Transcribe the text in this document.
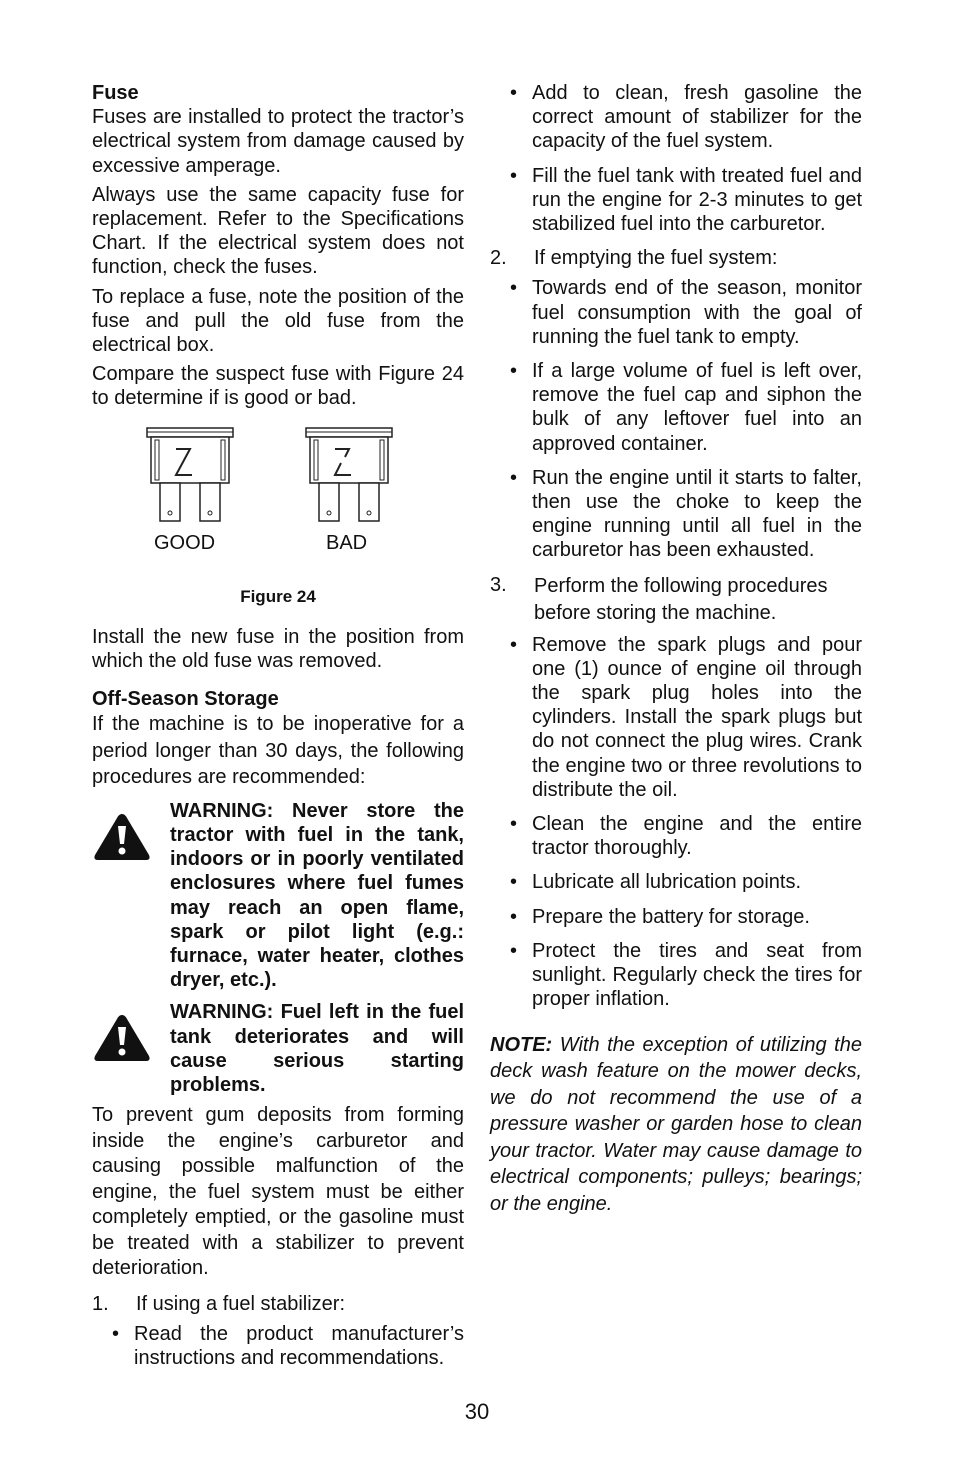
Fuse

Fuses are installed to protect the tractor’s electrical system from damage caused by excessive amperage.

Always use the same capacity fuse for replacement. Refer to the Specifications Chart. If the electrical system does not function, check the fuses.

To replace a fuse, note the position of the fuse and pull the old fuse from the electrical box.

Compare the suspect fuse with Figure 24 to determine if is good or bad.

GOOD	BAD
Figure 24

Install the new fuse in the position from which the old fuse was removed.

Off-Season Storage

If the machine is to be inoperative for a period longer than 30 days, the following procedures are recommended:

WARNING: Never store the tractor with fuel in the tank, indoors or in poorly ventilated enclosures where fuel fumes may reach an open flame, spark or pilot light (e.g.: furnace, water heater, clothes dryer, etc.).
WARNING: Fuel left in the fuel tank deteriorates and will cause serious starting problems.

To prevent gum deposits from forming inside the engine’s carburetor and causing possible malfunction of the engine, the fuel system must be either completely emptied, or the gasoline must be treated with a stabilizer to prevent deterioration.

1.	If using a fuel stabilizer:
• Read the product manufacturer’s instructions and recommendations.
• Add to clean, fresh gasoline the correct amount of stabilizer for the capacity of the fuel system.
• Fill the fuel tank with treated fuel and run the engine for 2-3 minutes to get stabilized fuel into the carburetor.
2.	If emptying the fuel system:
• Towards end of the season, monitor fuel consumption with the goal of running the fuel tank to empty.
• If a large volume of fuel is left over, remove the fuel cap and siphon the bulk of any leftover fuel into an approved container.
• Run the engine until it starts to falter, then use the choke to keep the engine running until all fuel in the carburetor has been exhausted.
3.	Perform the following procedures before storing the machine.
• Remove the spark plugs and pour one (1) ounce of engine oil through the spark plug holes into the cylinders. Install the spark plugs but do not connect the plug wires. Crank the engine two or three revolutions to distribute the oil.
• Clean the engine and the entire tractor thoroughly.
• Lubricate all lubrication points.
• Prepare the battery for storage.
• Protect the tires and seat from sunlight. Regularly check the tires for proper inflation.
NOTE: With the exception of utilizing the deck wash feature on the mower decks, we do not recommend the use of a pressure washer or garden hose to clean your tractor. Water may cause damage to electrical components; pulleys; bearings; or the engine.
30
